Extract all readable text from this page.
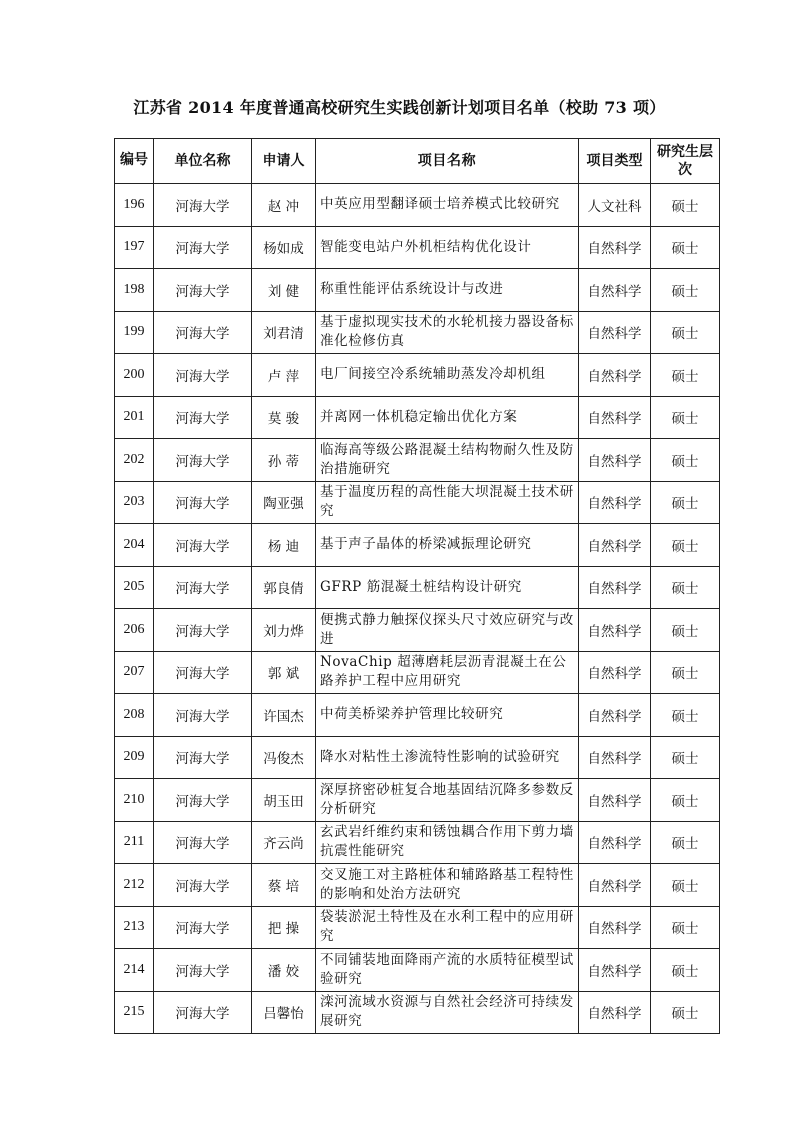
江苏省 2014 年度普通高校研究生实践创新计划项目名单（校助 73 项）
编号	单位名称	申请人	项目名称	项目类型	研究生层次
196	河海大学	赵 冲	中英应用型翻译硕士培养模式比较研究	人文社科	硕士
197	河海大学	杨如成	智能变电站户外机柜结构优化设计	自然科学	硕士
198	河海大学	刘 健	称重性能评估系统设计与改进	自然科学	硕士
199	河海大学	刘君清	基于虚拟现实技术的水轮机接力器设备标准化检修仿真	自然科学	硕士
200	河海大学	卢 萍	电厂间接空冷系统辅助蒸发冷却机组	自然科学	硕士
201	河海大学	莫 骏	并离网一体机稳定输出优化方案	自然科学	硕士
202	河海大学	孙 蒂	临海高等级公路混凝土结构物耐久性及防治措施研究	自然科学	硕士
203	河海大学	陶亚强	基于温度历程的高性能大坝混凝土技术研究	自然科学	硕士
204	河海大学	杨 迪	基于声子晶体的桥梁减振理论研究	自然科学	硕士
205	河海大学	郭良倩	GFRP 筋混凝土桩结构设计研究	自然科学	硕士
206	河海大学	刘力烨	便携式静力触探仪探头尺寸效应研究与改进	自然科学	硕士
207	河海大学	郭 斌	NovaChip 超薄磨耗层沥青混凝土在公路养护工程中应用研究	自然科学	硕士
208	河海大学	许国杰	中荷美桥梁养护管理比较研究	自然科学	硕士
209	河海大学	冯俊杰	降水对粘性土渗流特性影响的试验研究	自然科学	硕士
210	河海大学	胡玉田	深厚挤密砂桩复合地基固结沉降多参数反分析研究	自然科学	硕士
211	河海大学	齐云尚	玄武岩纤维约束和锈蚀耦合作用下剪力墙抗震性能研究	自然科学	硕士
212	河海大学	蔡 培	交叉施工对主路桩体和辅路路基工程特性的影响和处治方法研究	自然科学	硕士
213	河海大学	把 操	袋装淤泥土特性及在水利工程中的应用研究	自然科学	硕士
214	河海大学	潘 姣	不同铺装地面降雨产流的水质特征模型试验研究	自然科学	硕士
215	河海大学	吕馨怡	滦河流域水资源与自然社会经济可持续发展研究	自然科学	硕士
